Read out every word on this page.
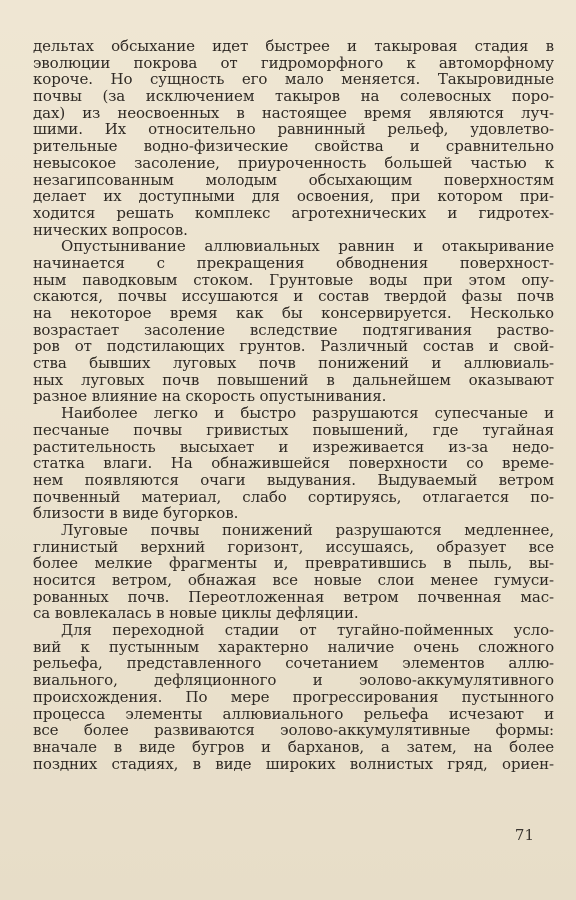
дельтах обсыхание идет быстрее и такыровая стадия в
эволюции покрова от гидроморфного к автоморфному
короче. Но сущность его мало меняется. Такыровидные
почвы (за исключением такыров на солевосных поро-
дах) из неосвоенных в настоящее время являются луч-
шими. Их относительно равнинный рельеф, удовлетво-
рительные водно-физические свойства и сравнительно
невысокое засоление, приуроченность большей частью к
незагипсованным молодым обсыхающим поверхностям
делает их доступными для освоения, при котором при-
ходится решать комплекс агротехнических и гидротех-
нических вопросов.
Опустынивание аллювиальных равнин и отакыривание
начинается с прекращения обводнения поверхност-
ным паводковым стоком. Грунтовые воды при этом опу-
скаются, почвы иссушаются и состав твердой фазы почв
на некоторое время как бы консервируется. Несколько
возрастает засоление вследствие подтягивания раство-
ров от подстилающих грунтов. Различный состав и свой-
ства бывших луговых почв понижений и аллювиаль-
ных луговых почв повышений в дальнейшем оказывают
разное влияние на скорость опустынивания.
Наиболее легко и быстро разрушаются супесчаные и
песчаные почвы гривистых повышений, где тугайная
растительность высыхает и изреживается из-за недо-
статка влаги. На обнажившейся поверхности со време-
нем появляются очаги выдувания. Выдуваемый ветром
почвенный материал, слабо сортируясь, отлагается по-
близости в виде бугорков.
Луговые почвы понижений разрушаются медленнее,
глинистый верхний горизонт, иссушаясь, образует все
более мелкие фрагменты и, превратившись в пыль, вы-
носится ветром, обнажая все новые слои менее гумуси-
рованных почв. Переотложенная ветром почвенная мас-
са вовлекалась в новые циклы дефляции.
Для переходной стадии от тугайно-пойменных усло-
вий к пустынным характерно наличие очень сложного
рельефа, представленного сочетанием элементов аллю-
виального, дефляционного и эолово-аккумулятивного
происхождения. По мере прогрессирования пустынного
процесса элементы аллювиального рельефа исчезают и
все более развиваются эолово-аккумулятивные формы:
вначале в виде бугров и барханов, а затем, на более
поздних стадиях, в виде широких волнистых гряд, ориен-
71
